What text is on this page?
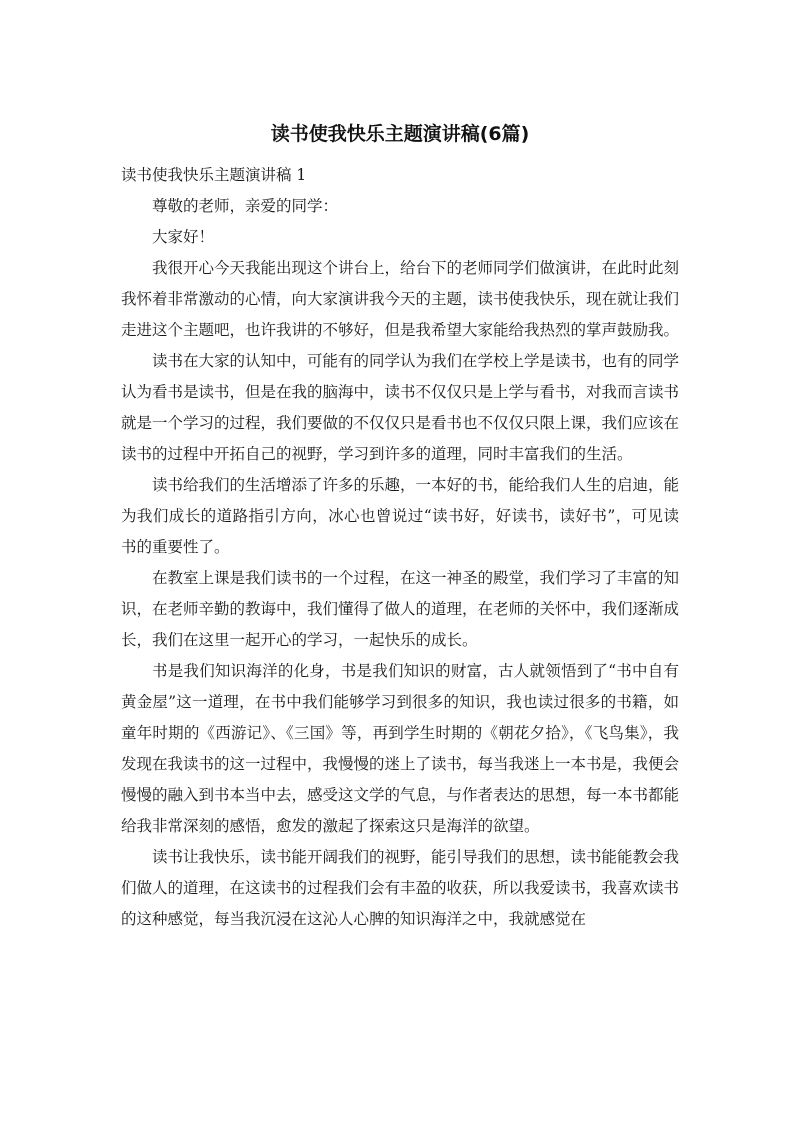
读书使我快乐主题演讲稿(6篇)

读书使我快乐主题演讲稿 1

尊敬的老师，亲爱的同学：

大家好！

我很开心今天我能出现这个讲台上，给台下的老师同学们做演讲，在此时此刻我怀着非常激动的心情，向大家演讲我今天的主题，读书使我快乐，现在就让我们走进这个主题吧，也许我讲的不够好，但是我希望大家能给我热烈的掌声鼓励我。

读书在大家的认知中，可能有的同学认为我们在学校上学是读书，也有的同学认为看书是读书，但是在我的脑海中，读书不仅仅只是上学与看书，对我而言读书就是一个学习的过程，我们要做的不仅仅只是看书也不仅仅只限上课，我们应该在读书的过程中开拓自己的视野，学习到许多的道理，同时丰富我们的生活。

读书给我们的生活增添了许多的乐趣，一本好的书，能给我们人生的启迪，能为我们成长的道路指引方向，冰心也曾说过“读书好，好读书，读好书”，可见读书的重要性了。

在教室上课是我们读书的一个过程，在这一神圣的殿堂，我们学习了丰富的知识，在老师辛勤的教诲中，我们懂得了做人的道理，在老师的关怀中，我们逐渐成长，我们在这里一起开心的学习，一起快乐的成长。

书是我们知识海洋的化身，书是我们知识的财富，古人就领悟到了“书中自有黄金屋”这一道理，在书中我们能够学习到很多的知识，我也读过很多的书籍，如童年时期的《西游记》、《三国》等，再到学生时期的《朝花夕拾》，《飞鸟集》，我发现在我读书的这一过程中，我慢慢的迷上了读书，每当我迷上一本书是，我便会慢慢的融入到书本当中去，感受这文学的气息，与作者表达的思想，每一本书都能给我非常深刻的感悟，愈发的激起了探索这只是海洋的欲望。

读书让我快乐，读书能开阔我们的视野，能引导我们的思想，读书能能教会我们做人的道理，在这读书的过程我们会有丰盈的收获，所以我爱读书，我喜欢读书的这种感觉，每当我沉浸在这沁人心脾的知识海洋之中，我就感觉在
